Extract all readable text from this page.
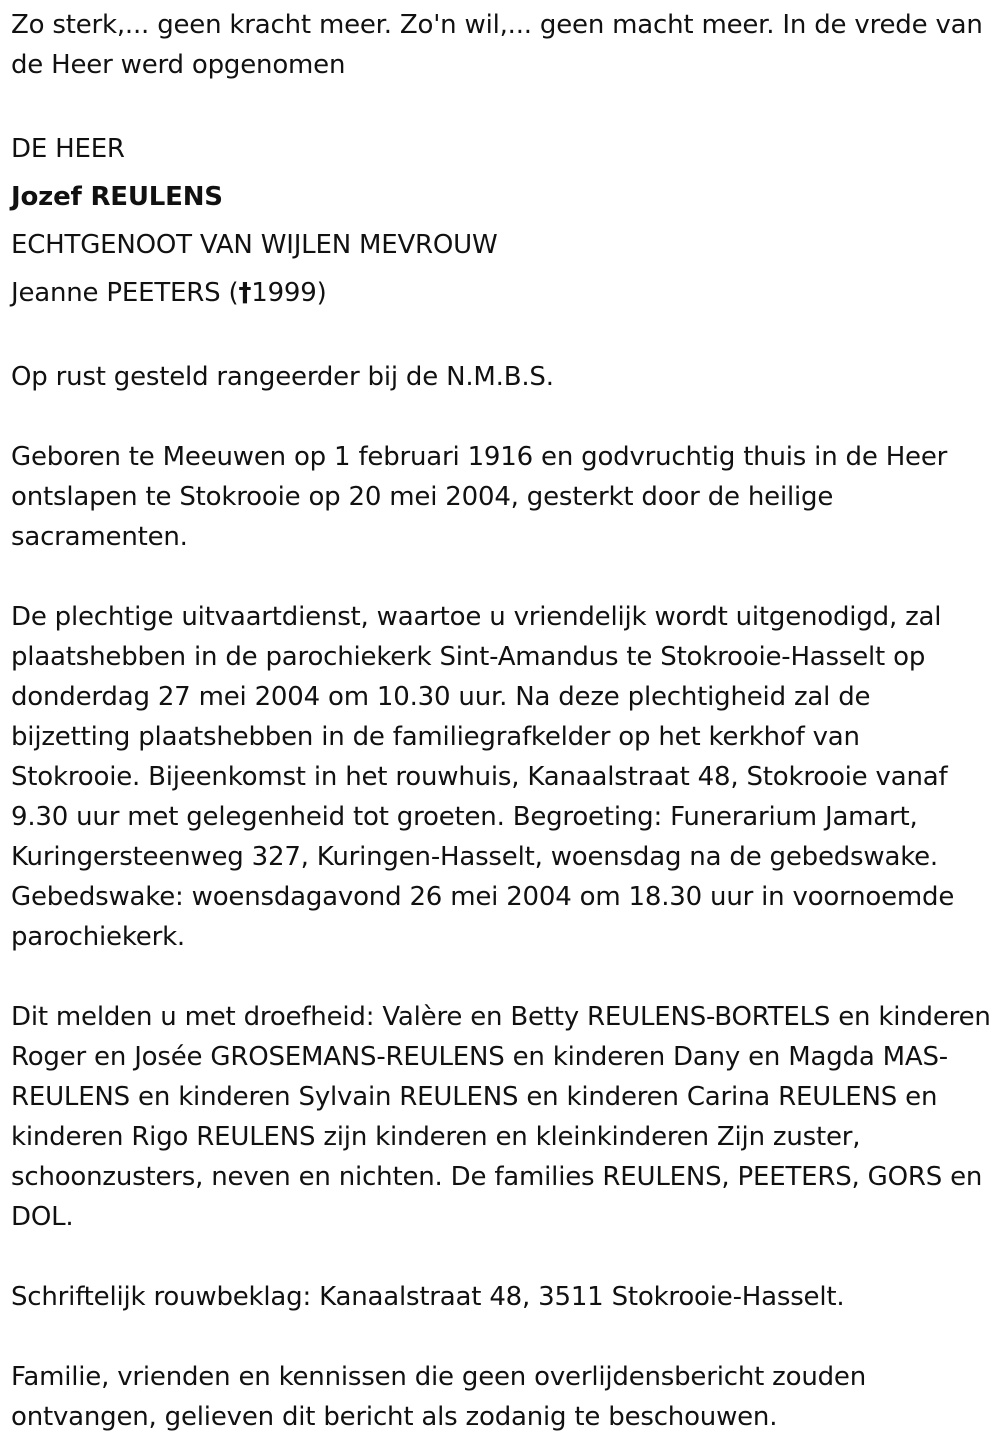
Zo sterk,... geen kracht meer. Zo'n wil,... geen macht meer. In de vrede van de Heer werd opgenomen

DE HEER

Jozef REULENS

ECHTGENOOT VAN WIJLEN MEVROUW

Jeanne PEETERS (†1999)

Op rust gesteld rangeerder bij de N.M.B.S.

Geboren te Meeuwen op 1 februari 1916 en godvruchtig thuis in de Heer ontslapen te Stokrooie op 20 mei 2004, gesterkt door de heilige sacramenten.

De plechtige uitvaartdienst, waartoe u vriendelijk wordt uitgenodigd, zal plaatshebben in de parochiekerk Sint-Amandus te Stokrooie-Hasselt op donderdag 27 mei 2004 om 10.30 uur. Na deze plechtigheid zal de bijzetting plaatshebben in de familiegrafkelder op het kerkhof van Stokrooie. Bijeenkomst in het rouwhuis, Kanaalstraat 48, Stokrooie vanaf 9.30 uur met gelegenheid tot groeten. Begroeting: Funerarium Jamart, Kuringersteenweg 327, Kuringen-Hasselt, woensdag na de gebedswake. Gebedswake: woensdagavond 26 mei 2004 om 18.30 uur in voornoemde parochiekerk.

Dit melden u met droefheid: Valère en Betty REULENS-BORTELS en kinderen Roger en Josée GROSEMANS-REULENS en kinderen Dany en Magda MAS-REULENS en kinderen Sylvain REULENS en kinderen Carina REULENS en kinderen Rigo REULENS zijn kinderen en kleinkinderen Zijn zuster, schoonzusters, neven en nichten. De families REULENS, PEETERS, GORS en DOL.

Schriftelijk rouwbeklag: Kanaalstraat 48, 3511 Stokrooie-Hasselt.

Familie, vrienden en kennissen die geen overlijdensbericht zouden ontvangen, gelieven dit bericht als zodanig te beschouwen.
